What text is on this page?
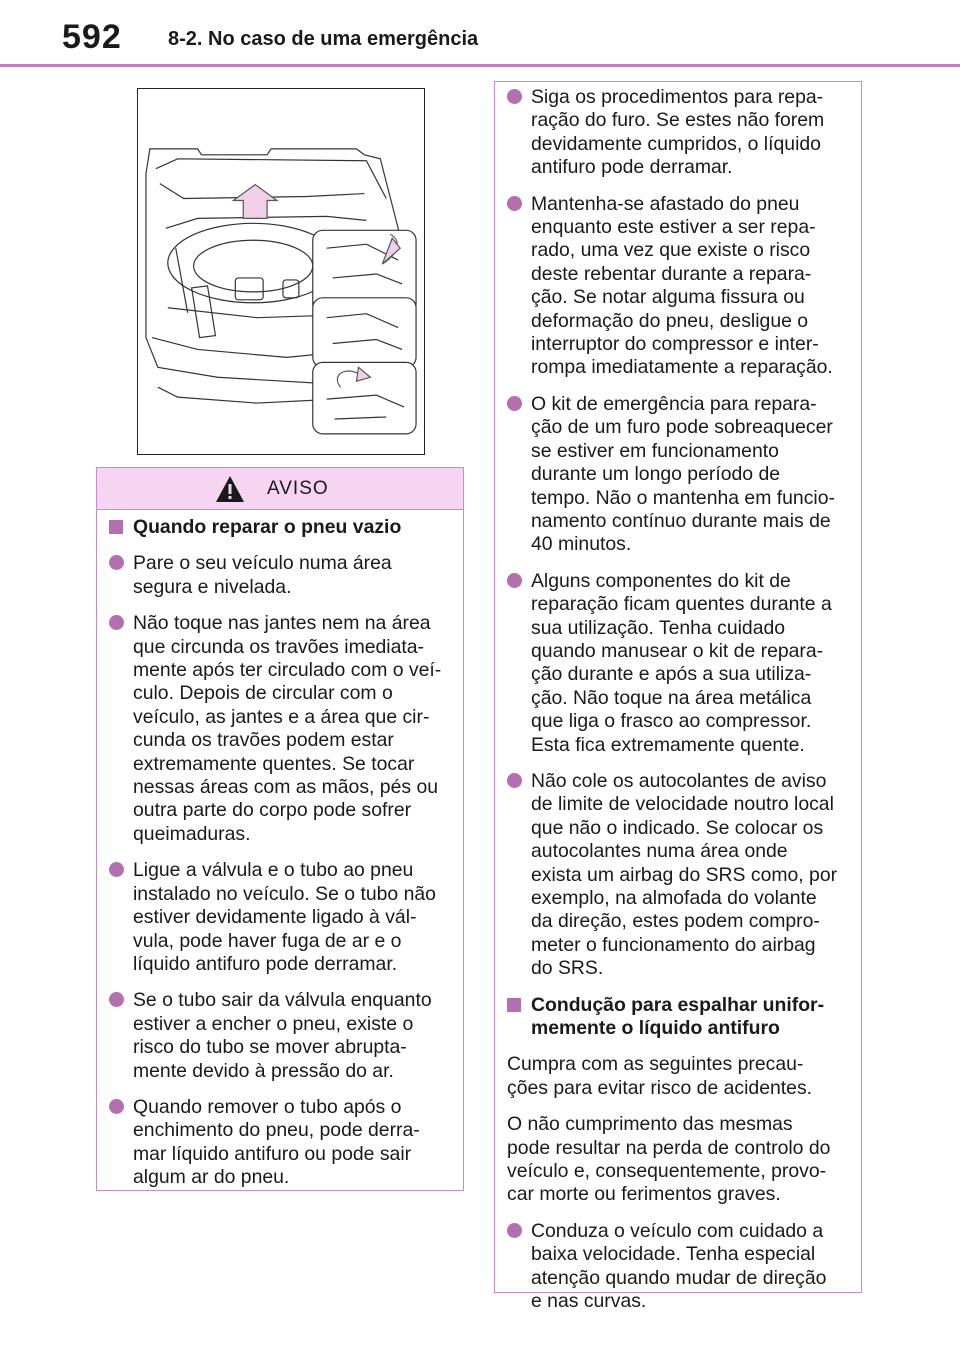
592 8-2. No caso de uma emergência
AVISO
Quando reparar o pneu vazio
Pare o seu veículo numa área
segura e nivelada.
Não toque nas jantes nem na área
que circunda os travões imediata-
mente após ter circulado com o veí-
culo. Depois de circular com o
veículo, as jantes e a área que cir-
cunda os travões podem estar
extremamente quentes. Se tocar
nessas áreas com as mãos, pés ou
outra parte do corpo pode sofrer
queimaduras.
Ligue a válvula e o tubo ao pneu
instalado no veículo. Se o tubo não
estiver devidamente ligado à vál-
vula, pode haver fuga de ar e o
líquido antifuro pode derramar.
Se o tubo sair da válvula enquanto
estiver a encher o pneu, existe o
risco do tubo se mover abrupta-
mente devido à pressão do ar.
Quando remover o tubo após o
enchimento do pneu, pode derra-
mar líquido antifuro ou pode sair
algum ar do pneu.
Siga os procedimentos para repa-
ração do furo. Se estes não forem
devidamente cumpridos, o líquido
antifuro pode derramar.
Mantenha-se afastado do pneu
enquanto este estiver a ser repa-
rado, uma vez que existe o risco
deste rebentar durante a repara-
ção. Se notar alguma fissura ou
deformação do pneu, desligue o
interruptor do compressor e inter-
rompa imediatamente a reparação.
O kit de emergência para repara-
ção de um furo pode sobreaquecer
se estiver em funcionamento
durante um longo período de
tempo. Não o mantenha em funcio-
namento contínuo durante mais de
40 minutos.
Alguns componentes do kit de
reparação ficam quentes durante a
sua utilização. Tenha cuidado
quando manusear o kit de repara-
ção durante e após a sua utiliza-
ção. Não toque na área metálica
que liga o frasco ao compressor.
Esta fica extremamente quente.
Não cole os autocolantes de aviso
de limite de velocidade noutro local
que não o indicado. Se colocar os
autocolantes numa área onde
exista um airbag do SRS como, por
exemplo, na almofada do volante
da direção, estes podem compro-
meter o funcionamento do airbag
do SRS.
Condução para espalhar unifor-
memente o líquido antifuro
Cumpra com as seguintes precau-
ções para evitar risco de acidentes.
O não cumprimento das mesmas
pode resultar na perda de controlo do
veículo e, consequentemente, provo-
car morte ou ferimentos graves.
Conduza o veículo com cuidado a
baixa velocidade. Tenha especial
atenção quando mudar de direção
e nas curvas.
